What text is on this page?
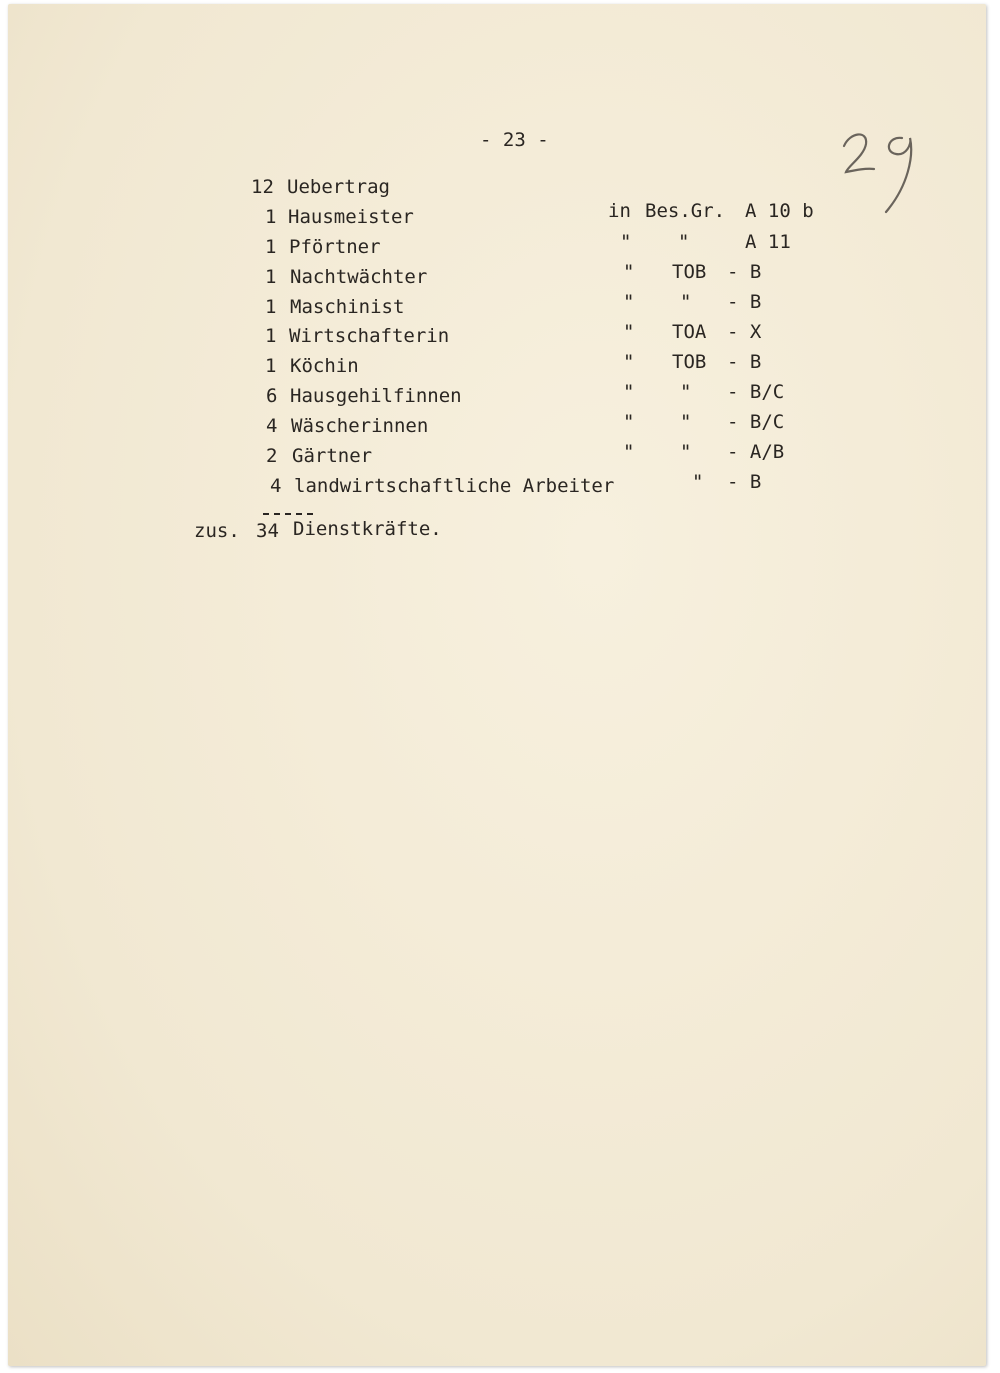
- 23 -
12 Uebertrag
1 Hausmeister	in Bes.Gr. A 10 b
1 Pförtner	" "	A 11
1 Nachtwächter	" TOB - B
1 Maschinist	" " - B
1 Wirtschafterin	" TOA - X
1 Köchin	" TOB - B
6 Hausgehilfinnen	" " - B/C
4 Wäscherinnen	" " - B/C
2 Gärtner	" " - A/B
4 landwirtschaftliche Arbeiter	" - B
zus. 34 Dienstkräfte.
